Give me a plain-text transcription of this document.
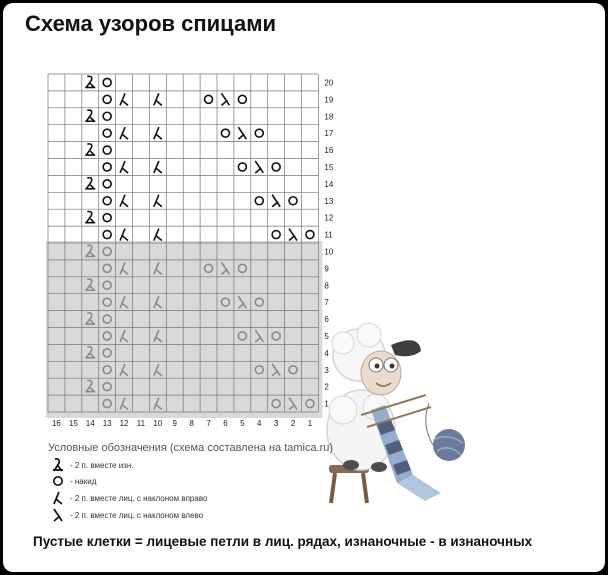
Схема узоров спицами
1
2
3
4
5
6
7
8
9
10
11
12
13
14
15
16
17
18
19
20
16 15 14 13 12 11 10 9 8 7 6 5 4 3 2 1
Условные обозначения (схема составлена на tamica.ru)
- 2 п. вместе изн.
- накид
- 2 п. вместе лиц. с наклоном вправо
- 2 п. вместе лиц. с наклоном влево
Пустые клетки = лицевые петли в лиц. рядах, изнаночные - в изнаночных
